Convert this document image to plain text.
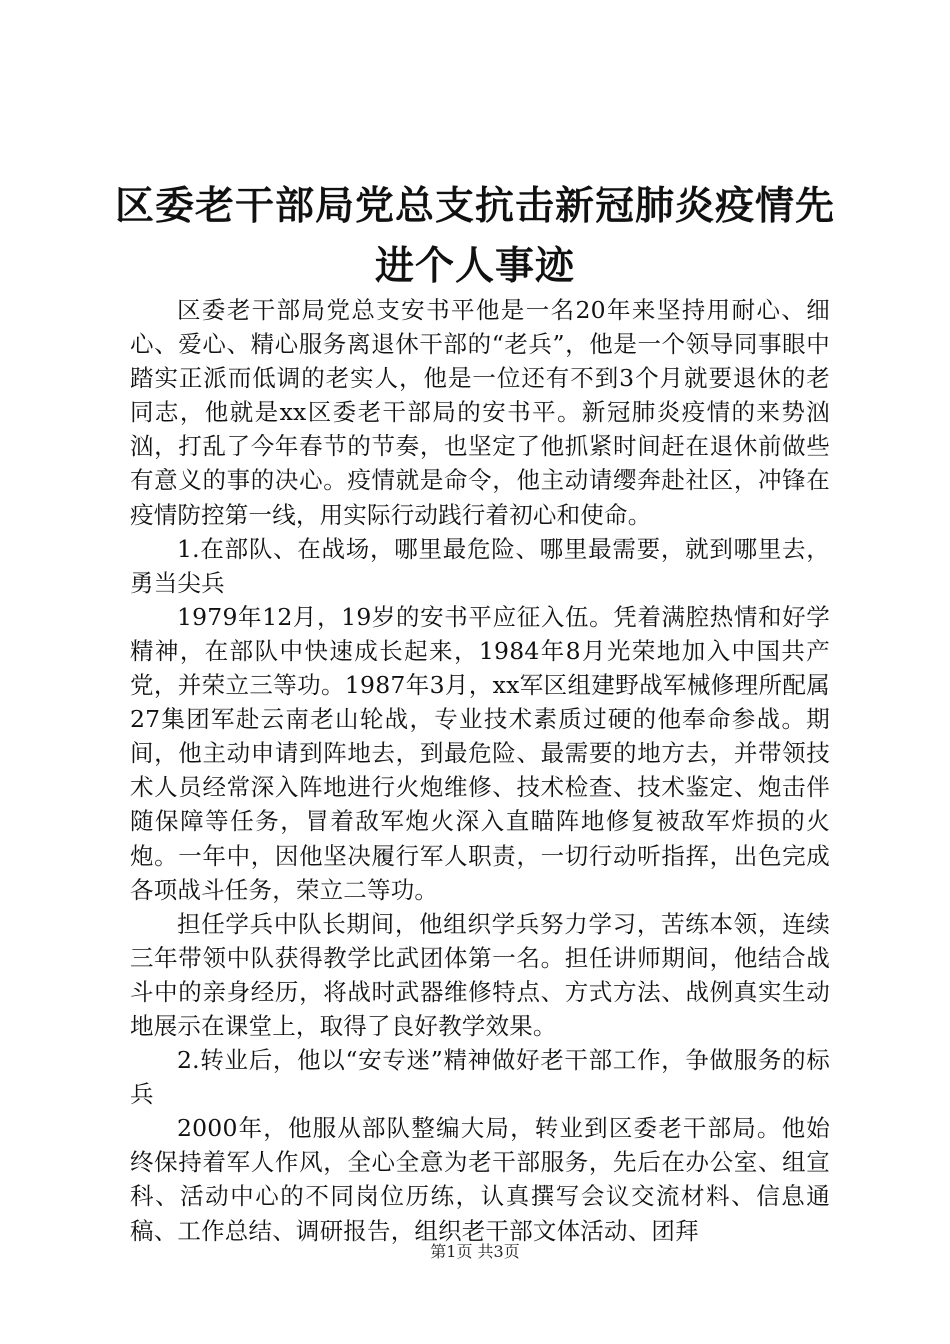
区委老干部局党总支抗击新冠肺炎疫情先进个人事迹

区委老干部局党总支安书平他是一名20年来坚持用耐心、细心、爱心、精心服务离退休干部的“老兵”，他是一个领导同事眼中踏实正派而低调的老实人，他是一位还有不到3个月就要退休的老同志，他就是xx区委老干部局的安书平。新冠肺炎疫情的来势汹汹，打乱了今年春节的节奏，也坚定了他抓紧时间赶在退休前做些有意义的事的决心。疫情就是命令，他主动请缨奔赴社区，冲锋在疫情防控第一线，用实际行动践行着初心和使命。

1.在部队、在战场，哪里最危险、哪里最需要，就到哪里去，勇当尖兵

1979年12月，19岁的安书平应征入伍。凭着满腔热情和好学精神，在部队中快速成长起来，1984年8月光荣地加入中国共产党，并荣立三等功。1987年3月，xx军区组建野战军械修理所配属27集团军赴云南老山轮战，专业技术素质过硬的他奉命参战。期间，他主动申请到阵地去，到最危险、最需要的地方去，并带领技术人员经常深入阵地进行火炮维修、技术检查、技术鉴定、炮击伴随保障等任务，冒着敌军炮火深入直瞄阵地修复被敌军炸损的火炮。一年中，因他坚决履行军人职责，一切行动听指挥，出色完成各项战斗任务，荣立二等功。

担任学兵中队长期间，他组织学兵努力学习，苦练本领，连续三年带领中队获得教学比武团体第一名。担任讲师期间，他结合战斗中的亲身经历，将战时武器维修特点、方式方法、战例真实生动地展示在课堂上，取得了良好教学效果。

2.转业后，他以“安专迷”精神做好老干部工作，争做服务的标兵

2000年，他服从部队整编大局，转业到区委老干部局。他始终保持着军人作风，全心全意为老干部服务，先后在办公室、组宣科、活动中心的不同岗位历练，认真撰写会议交流材料、信息通稿、工作总结、调研报告，组织老干部文体活动、团拜

第1页 共3页
